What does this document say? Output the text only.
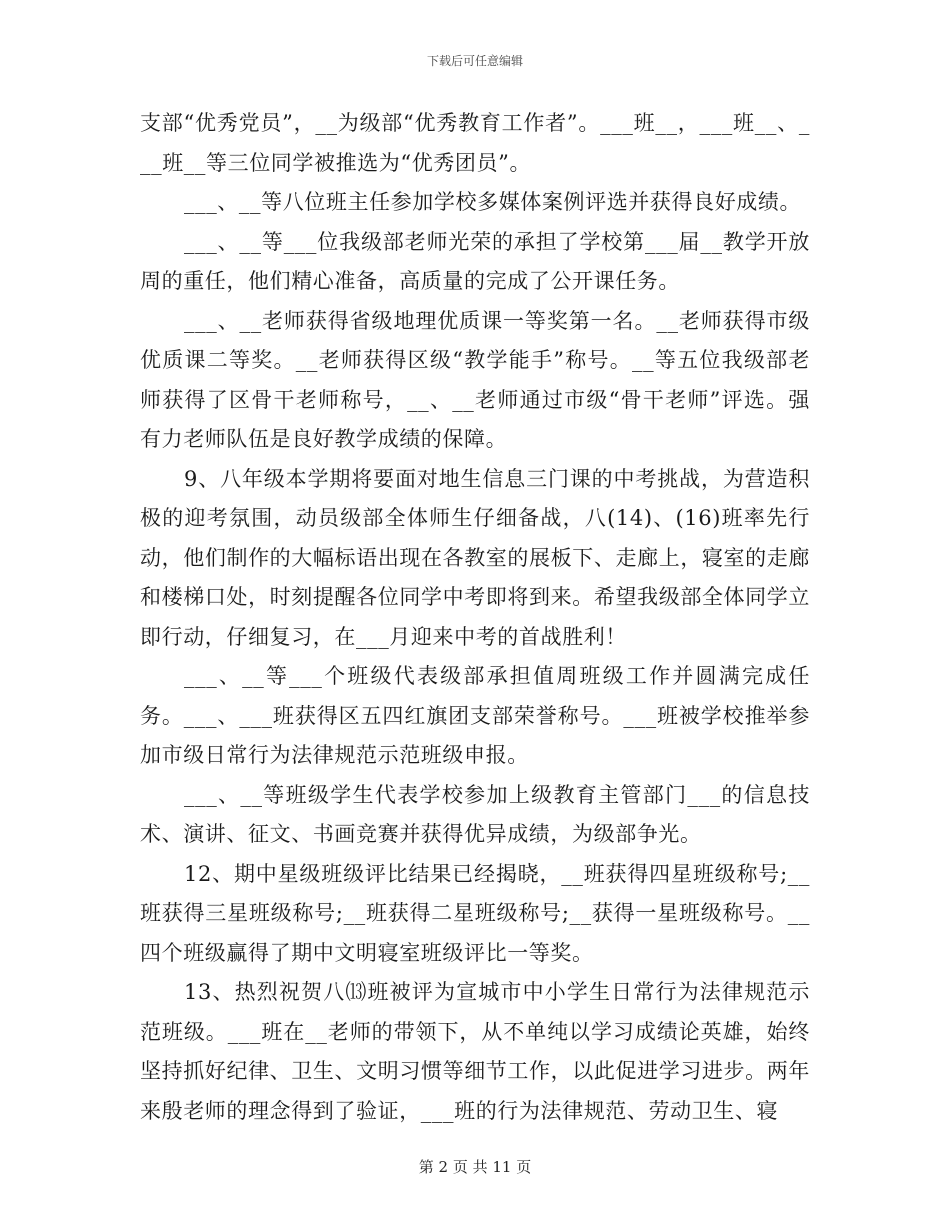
下载后可任意编辑

支部“优秀党员”，__为级部“优秀教育工作者”。___班__，___班__、___班__等三位同学被推选为“优秀团员”。

___、__等八位班主任参加学校多媒体案例评选并获得良好成绩。

___、__等___位我级部老师光荣的承担了学校第___届__教学开放周的重任，他们精心准备，高质量的完成了公开课任务。

___、__老师获得省级地理优质课一等奖第一名。__老师获得市级优质课二等奖。__老师获得区级“教学能手”称号。__等五位我级部老师获得了区骨干老师称号，__、__老师通过市级“骨干老师”评选。强有力老师队伍是良好教学成绩的保障。

9、八年级本学期将要面对地生信息三门课的中考挑战，为营造积极的迎考氛围，动员级部全体师生仔细备战，八(14)、(16)班率先行动，他们制作的大幅标语出现在各教室的展板下、走廊上，寝室的走廊和楼梯口处，时刻提醒各位同学中考即将到来。希望我级部全体同学立即行动，仔细复习，在___月迎来中考的首战胜利！

___、__等___个班级代表级部承担值周班级工作并圆满完成任务。___、___班获得区五四红旗团支部荣誉称号。___班被学校推举参加市级日常行为法律规范示范班级申报。

___、__等班级学生代表学校参加上级教育主管部门___的信息技术、演讲、征文、书画竞赛并获得优异成绩，为级部争光。

12、期中星级班级评比结果已经揭晓，__班获得四星班级称号;__班获得三星班级称号;__班获得二星班级称号;__获得一星班级称号。__四个班级赢得了期中文明寝室班级评比一等奖。

13、热烈祝贺八⒀班被评为宣城市中小学生日常行为法律规范示范班级。___班在__老师的带领下，从不单纯以学习成绩论英雄，始终坚持抓好纪律、卫生、文明习惯等细节工作，以此促进学习进步。两年来殷老师的理念得到了验证，___班的行为法律规范、劳动卫生、寝

第 2 页 共 11 页
